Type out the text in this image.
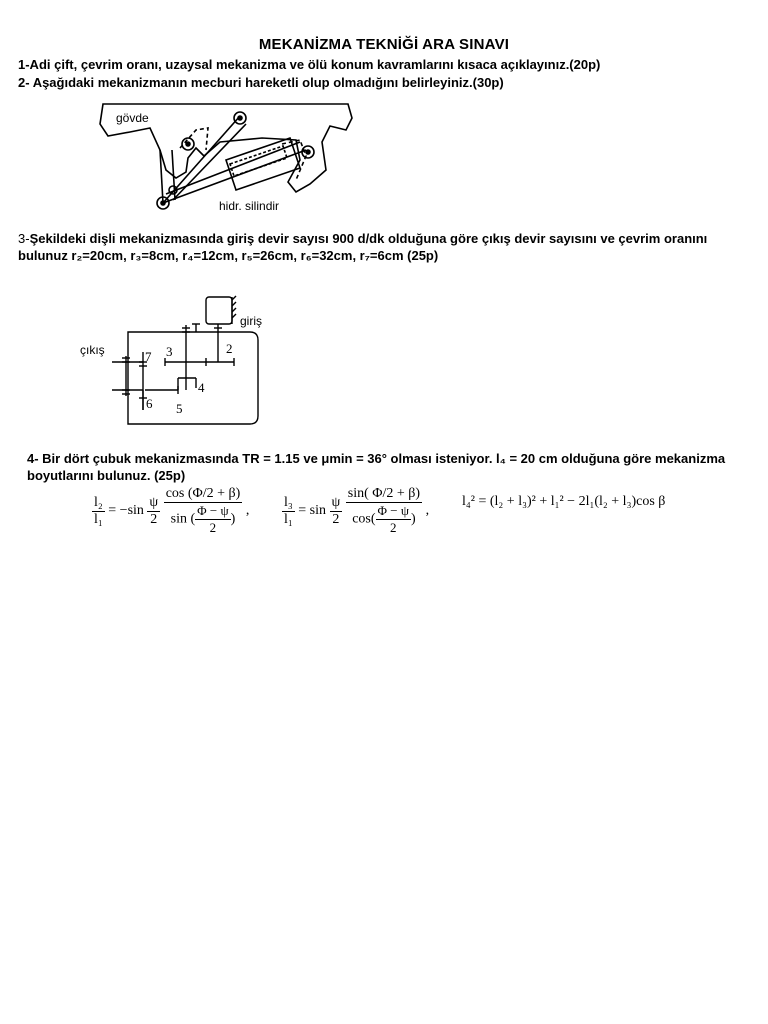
MEKANİZMA TEKNİĞİ ARA SINAVI
1-Adi çift, çevrim oranı, uzaysal mekanizma ve ölü konum kavramlarını kısaca açıklayınız.(20p)
2- Aşağıdaki mekanizmanın mecburi hareketli olup olmadığını belirleyiniz.(30p)
gövde
hidr. silindir
3-Şekildeki dişli mekanizmasında giriş devir sayısı 900 d/dk olduğuna göre çıkış devir sayısını ve çevrim oranını
bulunuz r₂=20cm, r₃=8cm, r₄=12cm, r₅=26cm, r₆=32cm, r₇=6cm (25p)
giriş
çıkış	2
3
4
5
6
7
4- Bir dört çubuk mekanizmasında TR = 1.15 ve μmin = 36° olması isteniyor. l₄ = 20 cm olduğuna göre mekanizma
boyutlarını bulunuz. (25p)
$\frac{\text{l₂}}{\text{l₁}} = -\sin \frac{\psi}{2}$
$\frac{\cos (\Phi/2 + \beta)}{\sin ( \frac{\Phi - \psi}{2} )}$ , $\frac{\text{l₃}}{\text{l₁}} = \sin \frac{\psi}{2}$
$\frac{\sin( \Phi/2 + \beta)}{\cos( \frac{\Phi - \psi}{2} )}$ ,
l₄² = (l₂ + l₃)² + l₁² − 2l₁(l₂ + l₃)cos β
